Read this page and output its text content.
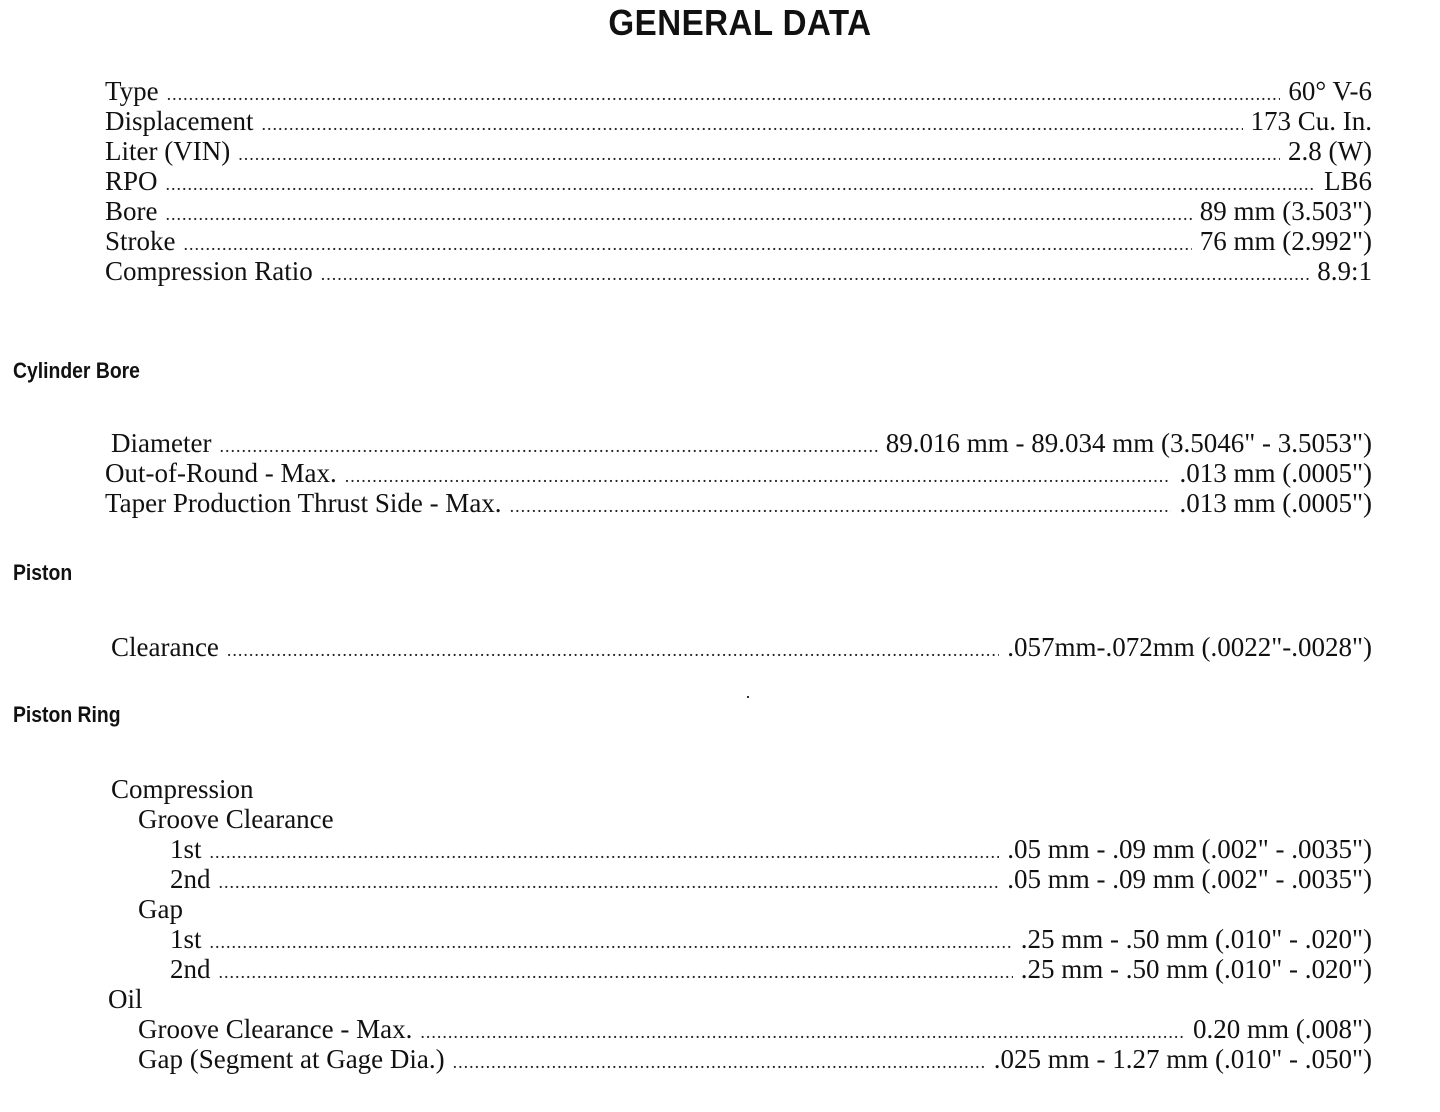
GENERAL DATA
Type .....	60° V-6
Displacement .....	173 Cu. In.
Liter (VIN) .....	2.8 (W)
RPO .....	LB6
Bore .....	89 mm (3.503")
Stroke .....	76 mm (2.992")
Compression Ratio .....	8.9:1
Cylinder Bore
Diameter .....	89.016 mm - 89.034 mm (3.5046" - 3.5053")
Out-of-Round - Max. .....	.013 mm (.0005")
Taper Production Thrust Side - Max. .....	.013 mm (.0005")
Piston
Clearance .....	.057mm-.072mm (.0022"-.0028")
Piston Ring
Compression
Groove Clearance
1st .....	.05 mm - .09 mm (.002" - .0035")
2nd .....	.05 mm - .09 mm (.002" - .0035")
Gap
1st .....	.25 mm - .50 mm (.010" - .020")
2nd .....	.25 mm - .50 mm (.010" - .020")
Oil
Groove Clearance - Max. .....	0.20 mm (.008")
Gap (Segment at Gage Dia.) .....	.025 mm - 1.27 mm (.010" - .050")
